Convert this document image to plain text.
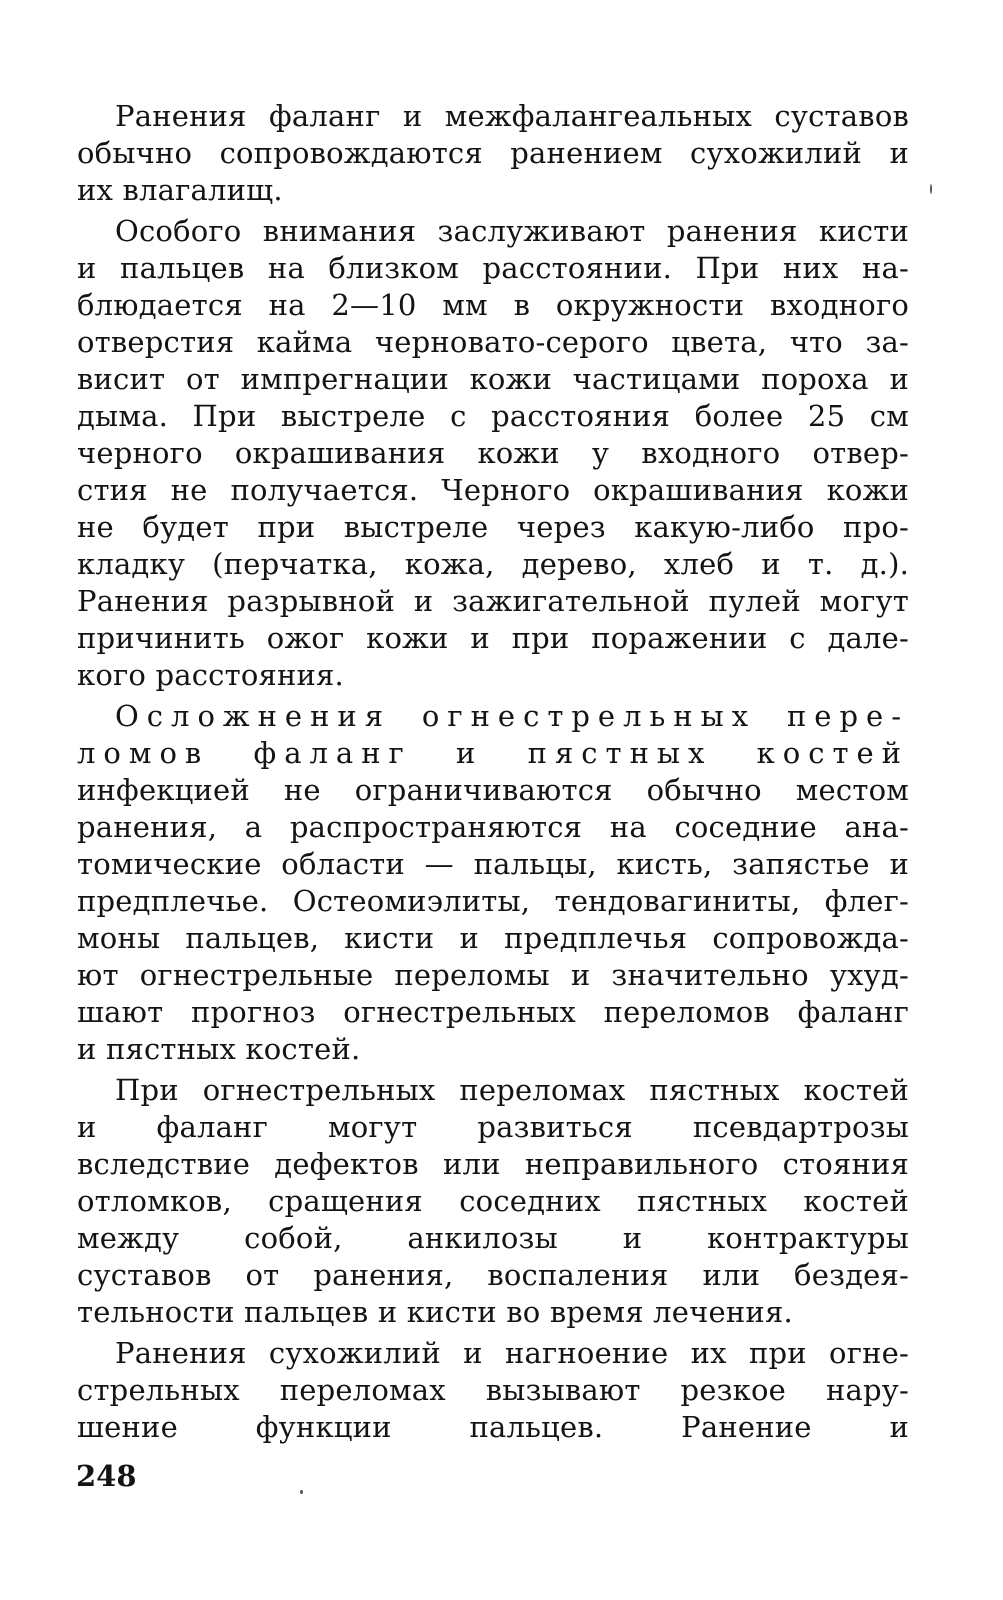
Ранения фаланг и межфалангеальных суставов
обычно сопровождаются ранением сухожилий и
их влагалищ.
Особого внимания заслуживают ранения кисти
и пальцев на близком расстоянии. При них на-
блюдается на 2—10 мм в окружности входного
отверстия кайма черновато-серого цвета, что за-
висит от импрегнации кожи частицами пороха и
дыма. При выстреле с расстояния более 25 см
черного окрашивания кожи у входного отвер-
стия не получается. Черного окрашивания кожи
не будет при выстреле через какую-либо про-
кладку (перчатка, кожа, дерево, хлеб и т. д.).
Ранения разрывной и зажигательной пулей могут
причинить ожог кожи и при поражении с дале-
кого расстояния.
Осложнения огнестрельных пере-
ломов фаланг и пястных костей
инфекцией не ограничиваются обычно местом
ранения, а распространяются на соседние ана-
томические области — пальцы, кисть, запястье и
предплечье. Остеомиэлиты, тендовагиниты, флег-
моны пальцев, кисти и предплечья сопровожда-
ют огнестрельные переломы и значительно ухуд-
шают прогноз огнестрельных переломов фаланг
и пястных костей.
При огнестрельных переломах пястных костей
и фаланг могут развиться псевдартрозы
вследствие дефектов или неправильного стояния
отломков, сращения соседних пястных костей
между собой, анкилозы и контрактуры
суставов от ранения, воспаления или бездея-
тельности пальцев и кисти во время лечения.
Ранения сухожилий и нагноение их при огне-
стрельных переломах вызывают резкое нару-
шение функции пальцев. Ранение и
248
